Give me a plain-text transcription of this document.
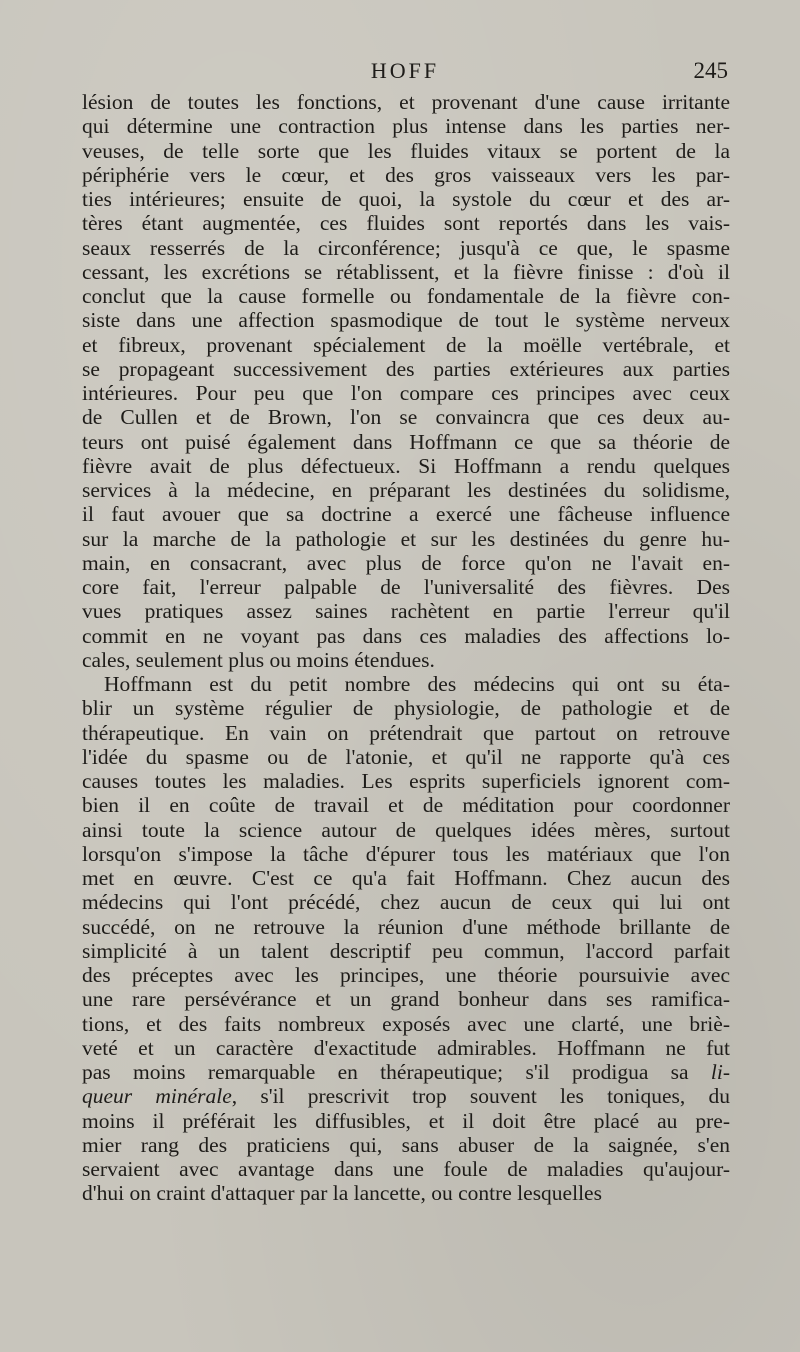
HOFF	245
lésion de toutes les fonctions, et provenant d'une cause irritante
qui détermine une contraction plus intense dans les parties ner-
veuses, de telle sorte que les fluides vitaux se portent de la
périphérie vers le cœur, et des gros vaisseaux vers les par-
ties intérieures; ensuite de quoi, la systole du cœur et des ar-
tères étant augmentée, ces fluides sont reportés dans les vais-
seaux resserrés de la circonférence; jusqu'à ce que, le spasme
cessant, les excrétions se rétablissent, et la fièvre finisse : d'où il
conclut que la cause formelle ou fondamentale de la fièvre con-
siste dans une affection spasmodique de tout le système nerveux
et fibreux, provenant spécialement de la moëlle vertébrale, et
se propageant successivement des parties extérieures aux parties
intérieures. Pour peu que l'on compare ces principes avec ceux
de Cullen et de Brown, l'on se convaincra que ces deux au-
teurs ont puisé également dans Hoffmann ce que sa théorie de
fièvre avait de plus défectueux. Si Hoffmann a rendu quelques
services à la médecine, en préparant les destinées du solidisme,
il faut avouer que sa doctrine a exercé une fâcheuse influence
sur la marche de la pathologie et sur les destinées du genre hu-
main, en consacrant, avec plus de force qu'on ne l'avait en-
core fait, l'erreur palpable de l'universalité des fièvres. Des
vues pratiques assez saines rachètent en partie l'erreur qu'il
commit en ne voyant pas dans ces maladies des affections lo-
cales, seulement plus ou moins étendues.
Hoffmann est du petit nombre des médecins qui ont su éta-
blir un système régulier de physiologie, de pathologie et de
thérapeutique. En vain on prétendrait que partout on retrouve
l'idée du spasme ou de l'atonie, et qu'il ne rapporte qu'à ces
causes toutes les maladies. Les esprits superficiels ignorent com-
bien il en coûte de travail et de méditation pour coordonner
ainsi toute la science autour de quelques idées mères, surtout
lorsqu'on s'impose la tâche d'épurer tous les matériaux que l'on
met en œuvre. C'est ce qu'a fait Hoffmann. Chez aucun des
médecins qui l'ont précédé, chez aucun de ceux qui lui ont
succédé, on ne retrouve la réunion d'une méthode brillante de
simplicité à un talent descriptif peu commun, l'accord parfait
des préceptes avec les principes, une théorie poursuivie avec
une rare persévérance et un grand bonheur dans ses ramifica-
tions, et des faits nombreux exposés avec une clarté, une briè-
veté et un caractère d'exactitude admirables. Hoffmann ne fut
pas moins remarquable en thérapeutique; s'il prodigua sa li-
queur minérale, s'il prescrivit trop souvent les toniques, du
moins il préférait les diffusibles, et il doit être placé au pre-
mier rang des praticiens qui, sans abuser de la saignée, s'en
servaient avec avantage dans une foule de maladies qu'aujour-
d'hui on craint d'attaquer par la lancette, ou contre lesquelles
